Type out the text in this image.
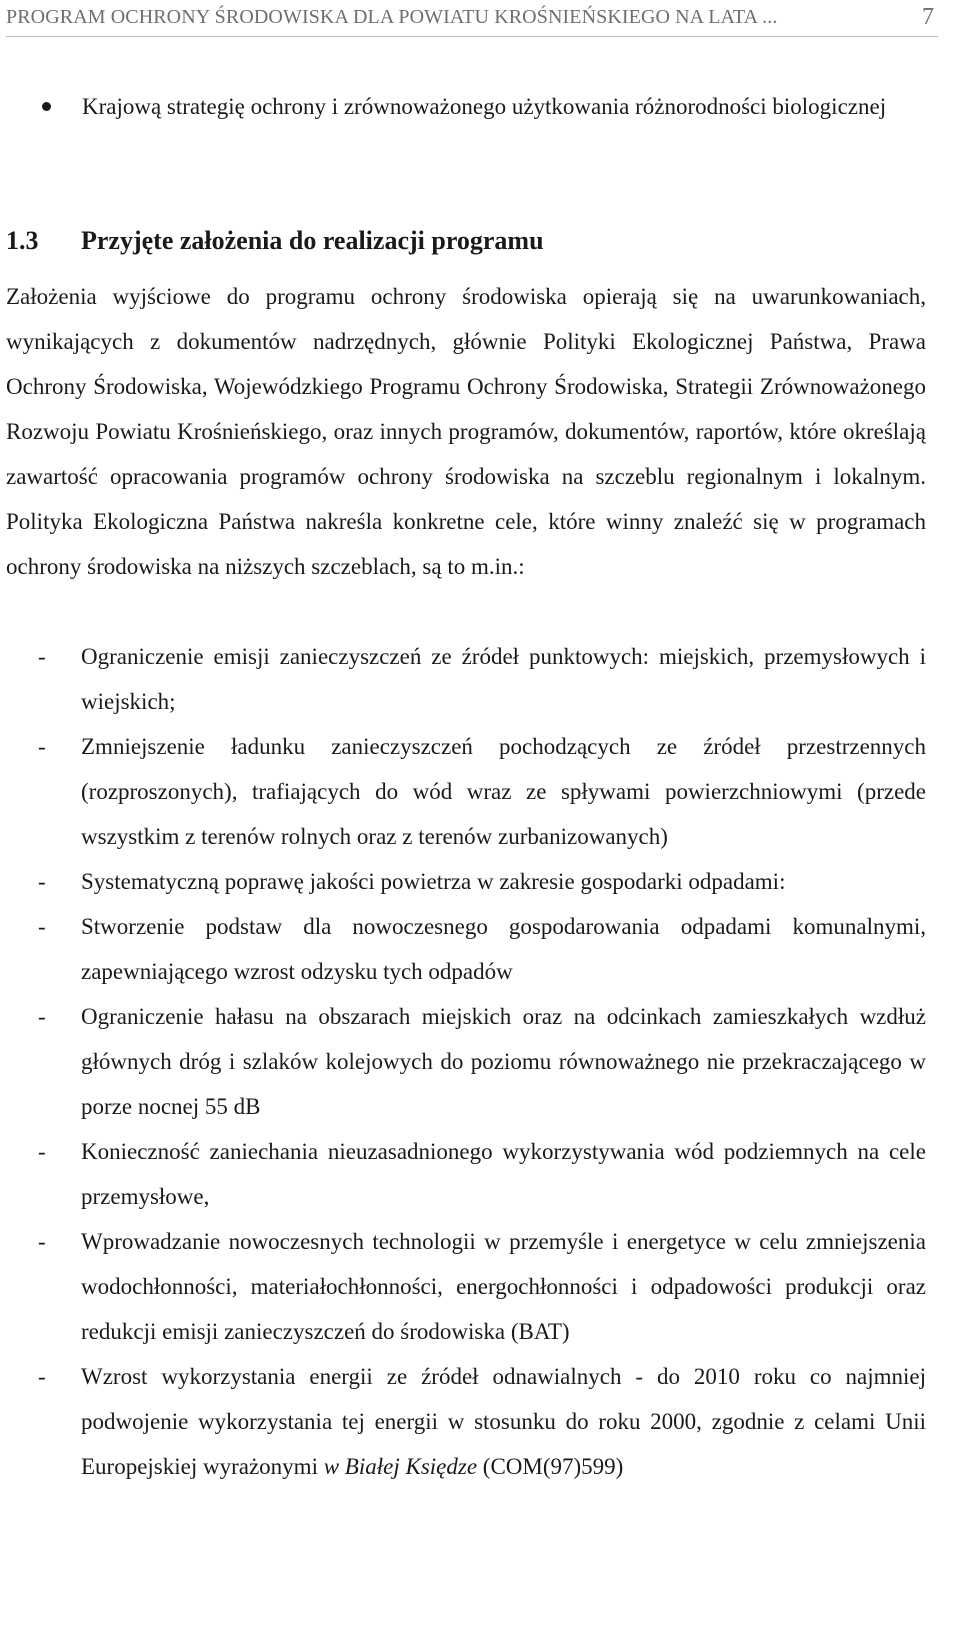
PROGRAM OCHRONY ŚRODOWISKA DLA POWIATU KROŚNIEŃSKIEGO NA LATA ...	7
Krajową strategię ochrony i zrównoważonego użytkowania różnorodności biologicznej
1.3 Przyjęte założenia do realizacji programu
Założenia wyjściowe do programu ochrony środowiska opierają się na uwarunkowaniach, wynikających z dokumentów nadrzędnych, głównie Polityki Ekologicznej Państwa, Prawa Ochrony Środowiska, Wojewódzkiego Programu Ochrony Środowiska, Strategii Zrównoważonego Rozwoju Powiatu Krośnieńskiego, oraz innych programów, dokumentów, raportów, które określają zawartość opracowania programów ochrony środowiska na szczeblu regionalnym i lokalnym. Polityka Ekologiczna Państwa nakreśla konkretne cele, które winny znaleźć się w programach ochrony środowiska na niższych szczeblach, są to m.in.:
- Ograniczenie emisji zanieczyszczeń ze źródeł punktowych: miejskich, przemysłowych i wiejskich;
- Zmniejszenie ładunku zanieczyszczeń pochodzących ze źródeł przestrzennych (rozproszonych), trafiających do wód wraz ze spływami powierzchniowymi (przede wszystkim z terenów rolnych oraz z terenów zurbanizowanych)
- Systematyczną poprawę jakości powietrza w zakresie gospodarki odpadami:
- Stworzenie podstaw dla nowoczesnego gospodarowania odpadami komunalnymi, zapewniającego wzrost odzysku tych odpadów
- Ograniczenie hałasu na obszarach miejskich oraz na odcinkach zamieszkałych wzdłuż głównych dróg i szlaków kolejowych do poziomu równoważnego nie przekraczającego w porze nocnej 55 dB
- Konieczność zaniechania nieuzasadnionego wykorzystywania wód podziemnych na cele przemysłowe,
- Wprowadzanie nowoczesnych technologii w przemyśle i energetyce w celu zmniejszenia wodochłonności, materiałochłonności, energochłonności i odpadowości produkcji oraz redukcji emisji zanieczyszczeń do środowiska (BAT)
- Wzrost wykorzystania energii ze źródeł odnawialnych - do 2010 roku co najmniej podwojenie wykorzystania tej energii w stosunku do roku 2000, zgodnie z celami Unii Europejskiej wyrażonymi w Białej Księdze (COM(97)599)
